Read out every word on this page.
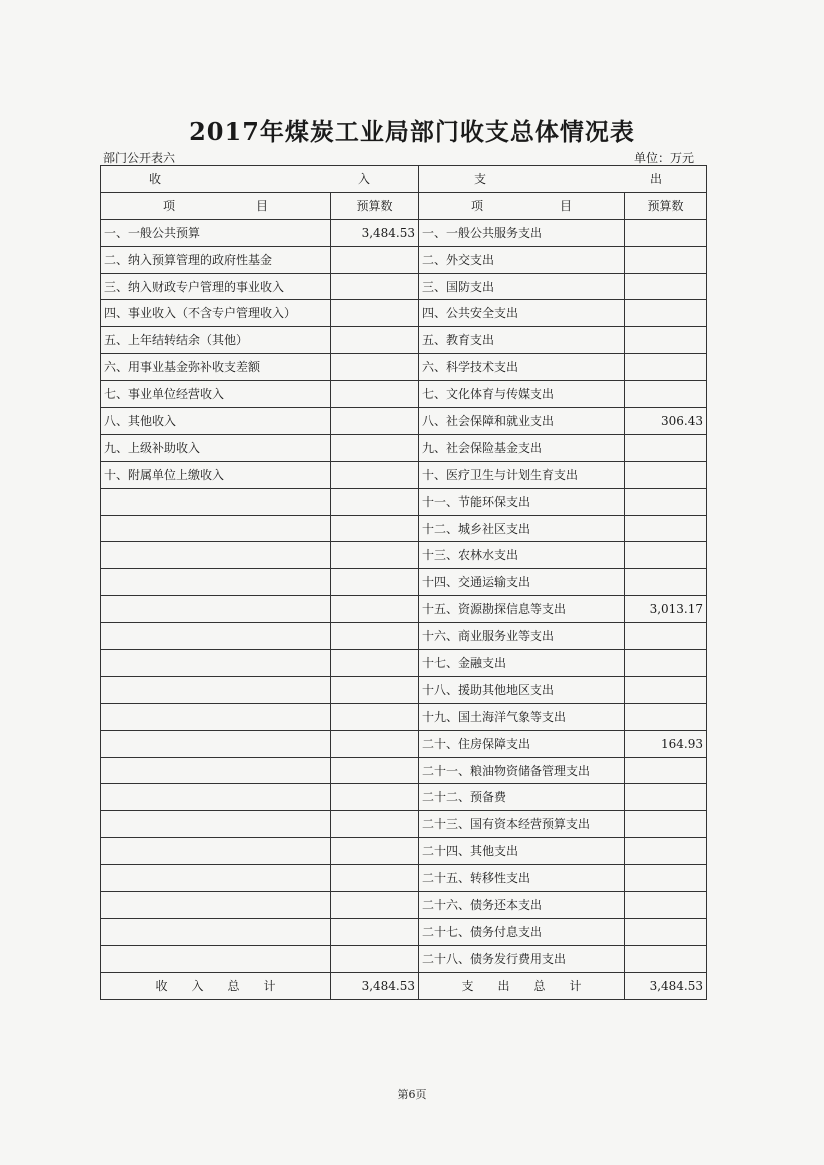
2017年煤炭工业局部门收支总体情况表
部门公开表六	单位：万元
收 入		支 出	

项 目	预算数	项 目	预算数
一、一般公共预算	3,484.53	一、一般公共服务支出	
二、纳入预算管理的政府性基金		二、外交支出	
三、纳入财政专户管理的事业收入		三、国防支出	
四、事业收入（不含专户管理收入）		四、公共安全支出	
五、上年结转结余（其他）		五、教育支出	
六、用事业基金弥补收支差额		六、科学技术支出	
七、事业单位经营收入		七、文化体育与传媒支出	
八、其他收入		八、社会保障和就业支出	306.43
九、上级补助收入		九、社会保险基金支出	
十、附属单位上缴收入		十、医疗卫生与计划生育支出	
		十一、节能环保支出	
		十二、城乡社区支出	
		十三、农林水支出	
		十四、交通运输支出	
		十五、资源勘探信息等支出	3,013.17
		十六、商业服务业等支出	
		十七、金融支出	
		十八、援助其他地区支出	
		十九、国土海洋气象等支出	
		二十、住房保障支出	164.93
		二十一、粮油物资储备管理支出	
		二十二、预备费	
		二十三、国有资本经营预算支出	
		二十四、其他支出	
		二十五、转移性支出	
		二十六、债务还本支出	
		二十七、债务付息支出	
		二十八、债务发行费用支出	
收　　入　　总　　计	3,484.53	支　　出　　总　　计	3,484.53
第6页
